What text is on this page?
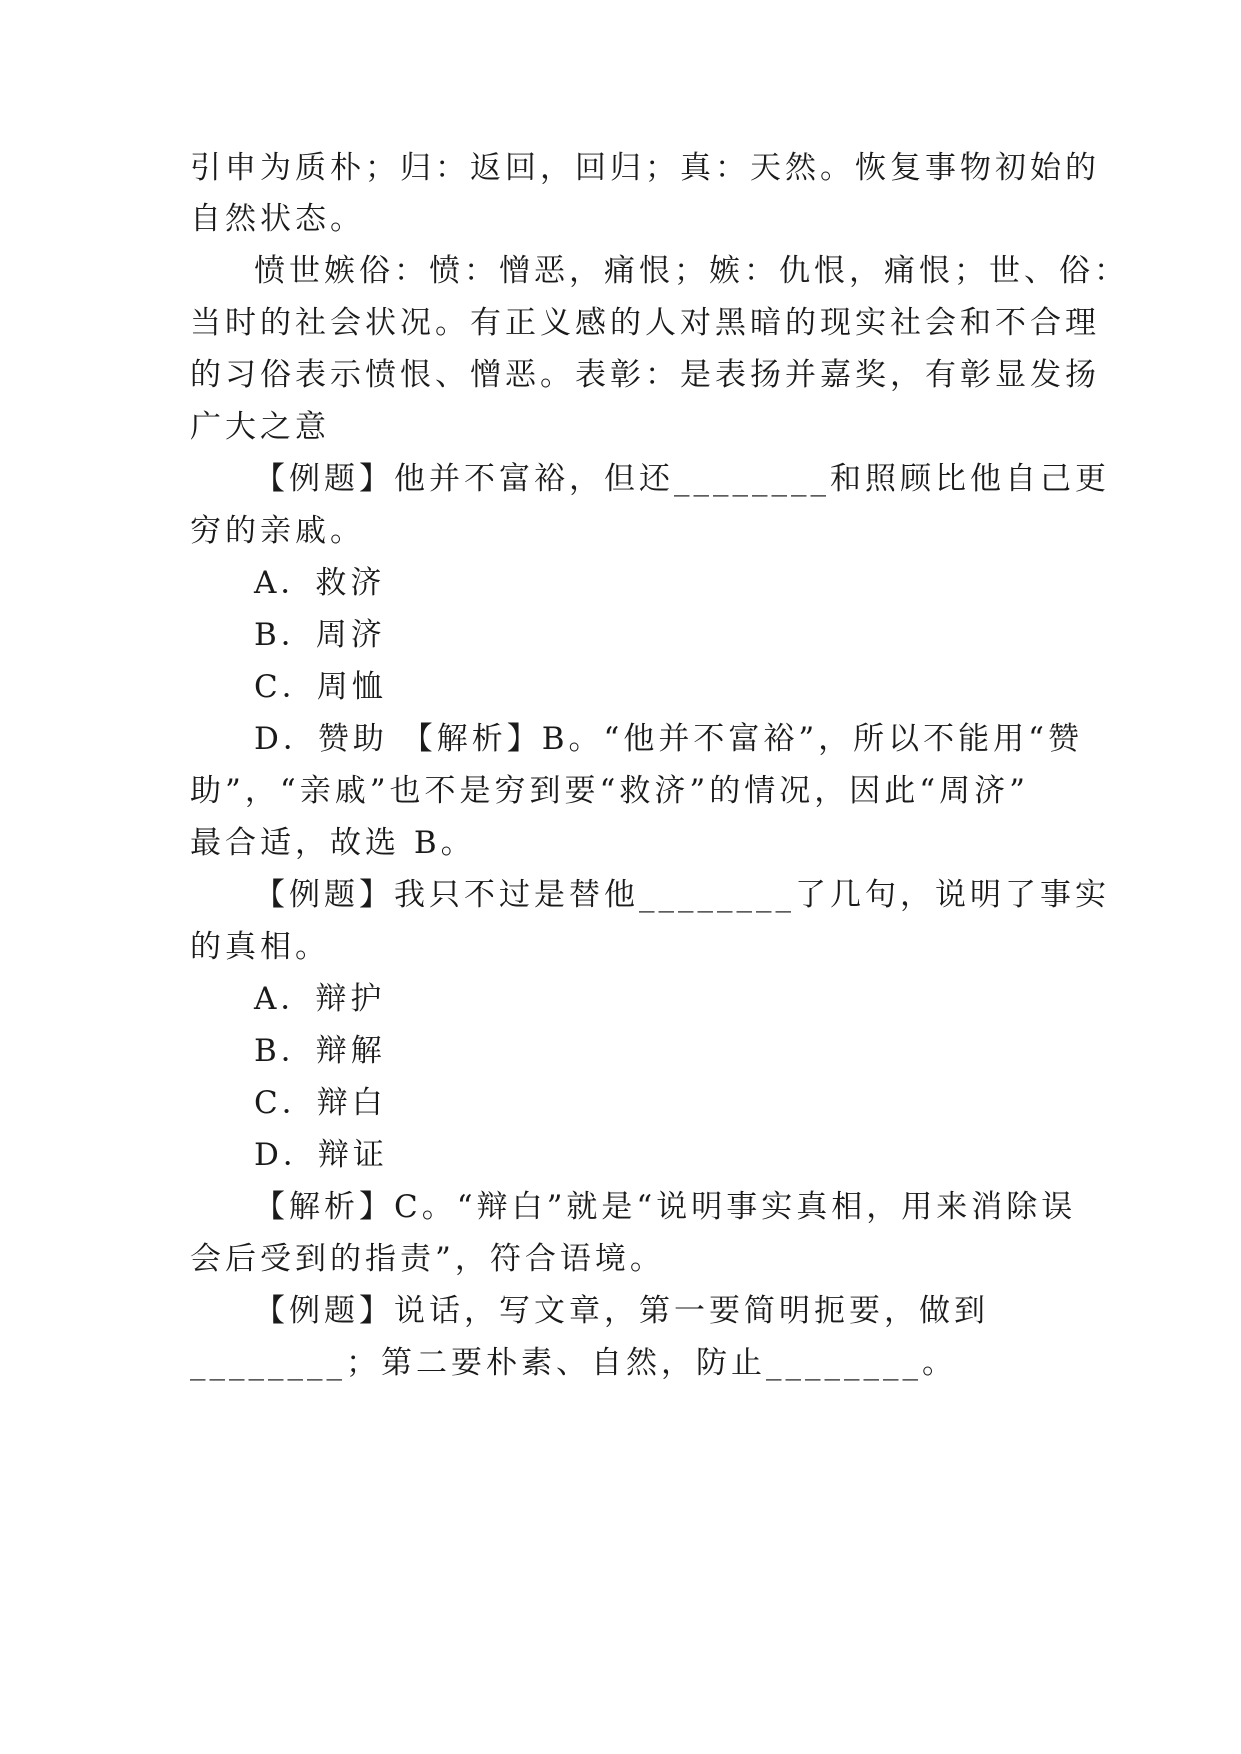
引申为质朴；归：返回，回归；真：天然。恢复事物初始的
自然状态。
愤世嫉俗：愤：憎恶，痛恨；嫉：仇恨，痛恨；世、俗：
当时的社会状况。有正义感的人对黑暗的现实社会和不合理
的习俗表示愤恨、憎恶。表彰：是表扬并嘉奖，有彰显发扬
广大之意
【例题】他并不富裕，但还________和照顾比他自己更
穷的亲戚。
A．救济
B．周济
C．周恤
D．赞助 【解析】B。“他并不富裕”，所以不能用“赞
助”，“亲戚”也不是穷到要“救济”的情况，因此“周济”
最合适，故选 B。
【例题】我只不过是替他________了几句，说明了事实
的真相。
A．辩护
B．辩解
C．辩白
D．辩证
【解析】C。“辩白”就是“说明事实真相，用来消除误
会后受到的指责”，符合语境。
【例题】说话，写文章，第一要简明扼要，做到
________；第二要朴素、自然，防止________。
